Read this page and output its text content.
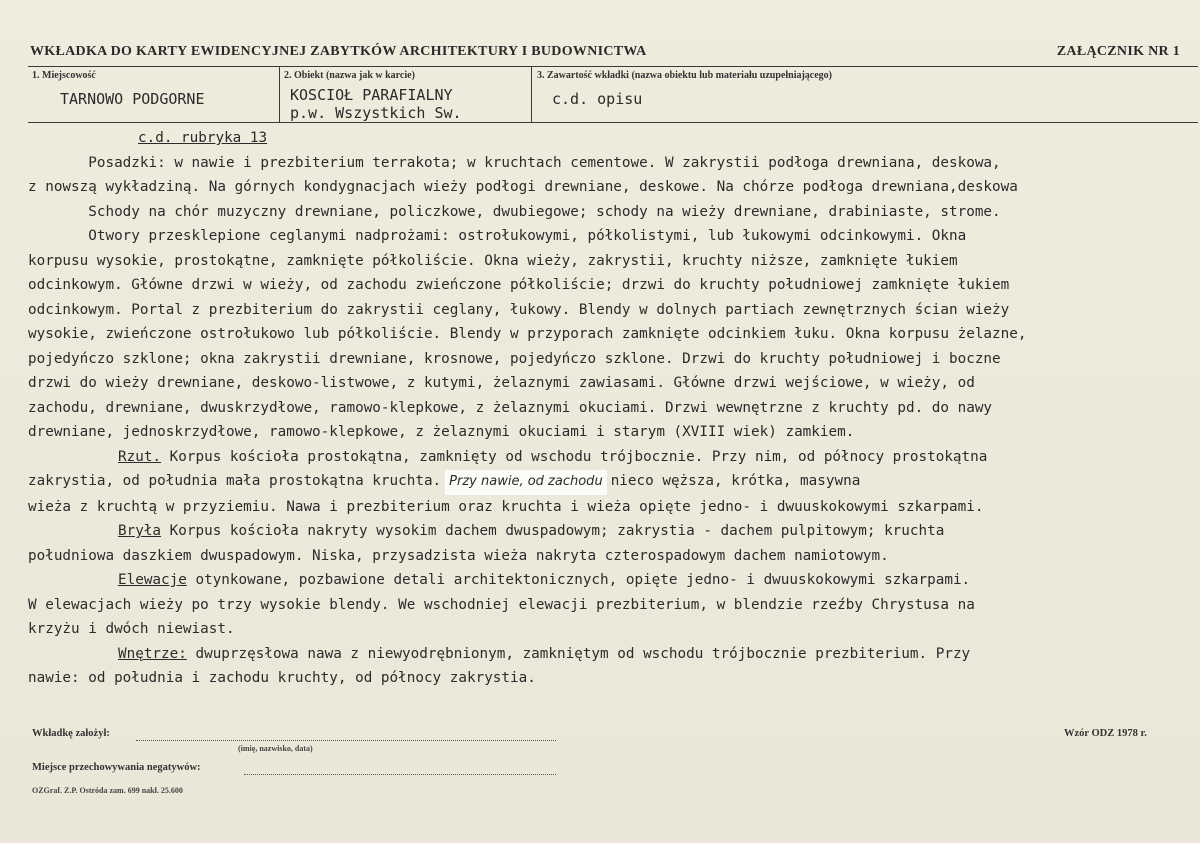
WKŁADKA DO KARTY EWIDENCYJNEJ ZABYTKÓW ARCHITEKTURY I BUDOWNICTWA	ZAŁĄCZNIK NR 1
1. Miejscowość
TARNOWO PODGORNE
2. Obiekt (nazwa jak w karcie)
KOSCIOŁ PARAFIALNY
p.w. Wszystkich Sw.
3. Zawartość wkładki (nazwa obiektu lub materiału uzupełniającego)
c.d. opisu

c.d. rubryka 13

Posadzki: w nawie i prezbiterium terrakota; w kruchtach cementowe. W zakrystii podłoga drewniana, deskowa,

z nowszą wykładziną. Na górnych kondygnacjach wieży podłogi drewniane, deskowe. Na chórze podłoga drewniana,deskowa

Schody na chór muzyczny drewniane, policzkowe, dwubiegowe; schody na wieży drewniane, drabiniaste, strome.

Otwory przesklepione ceglanymi nadprożami: ostrołukowymi, półkolistymi, lub łukowymi odcinkowymi. Okna

korpusu wysokie, prostokątne, zamknięte półkoliście. Okna wieży, zakrystii, kruchty niższe, zamknięte łukiem

odcinkowym. Główne drzwi w wieży, od zachodu zwieńczone półkoliście; drzwi do kruchty południowej zamknięte łukiem

odcinkowym. Portal z prezbiterium do zakrystii ceglany, łukowy. Blendy w dolnych partiach zewnętrznych ścian wieży

wysokie, zwieńczone ostrołukowo lub półkoliście. Blendy w przyporach zamknięte odcinkiem łuku. Okna korpusu żelazne,

pojedyńczo szklone; okna zakrystii drewniane, krosnowe, pojedyńczo szklone. Drzwi do kruchty południowej i boczne

drzwi do wieży drewniane, deskowo-listwowe, z kutymi, żelaznymi zawiasami. Główne drzwi wejściowe, w wieży, od

zachodu, drewniane, dwuskrzydłowe, ramowo-klepkowe, z żelaznymi okuciami. Drzwi wewnętrzne z kruchty pd. do nawy

drewniane, jednoskrzydłowe, ramowo-klepkowe, z żelaznymi okuciami i starym (XVIII wiek) zamkiem.

Rzut. Korpus kościoła prostokątna, zamknięty od wschodu trójbocznie. Przy nim, od północy prostokątna

zakrystia, od południa mała prostokątna kruchta. Przy nawie, od zachodu nieco węższa, krótka, masywna

wieża z kruchtą w przyziemiu. Nawa i prezbiterium oraz kruchta i wieża opięte jedno- i dwuuskokowymi szkarpami.

Bryła Korpus kościoła nakryty wysokim dachem dwuspadowym; zakrystia - dachem pulpitowym; kruchta

południowa daszkiem dwuspadowym. Niska, przysadzista wieża nakryta czterospadowym dachem namiotowym.

Elewacje otynkowane, pozbawione detali architektonicznych, opięte jedno- i dwuuskokowymi szkarpami.

W elewacjach wieży po trzy wysokie blendy. We wschodniej elewacji prezbiterium, w blendzie rzeźby Chrystusa na

krzyżu i dwóch niewiast.

Wnętrze: dwuprzęsłowa nawa z niewyodrębnionym, zamkniętym od wschodu trójbocznie prezbiterium. Przy

nawie: od południa i zachodu kruchty, od północy zakrystia.

Wkładkę założył:
(imię, nazwisko, data)
Wzór ODZ 1978 r.
Miejsce przechowywania negatywów:
OZGraf. Z.P. Ostróda zam. 699 nakł. 25.600
